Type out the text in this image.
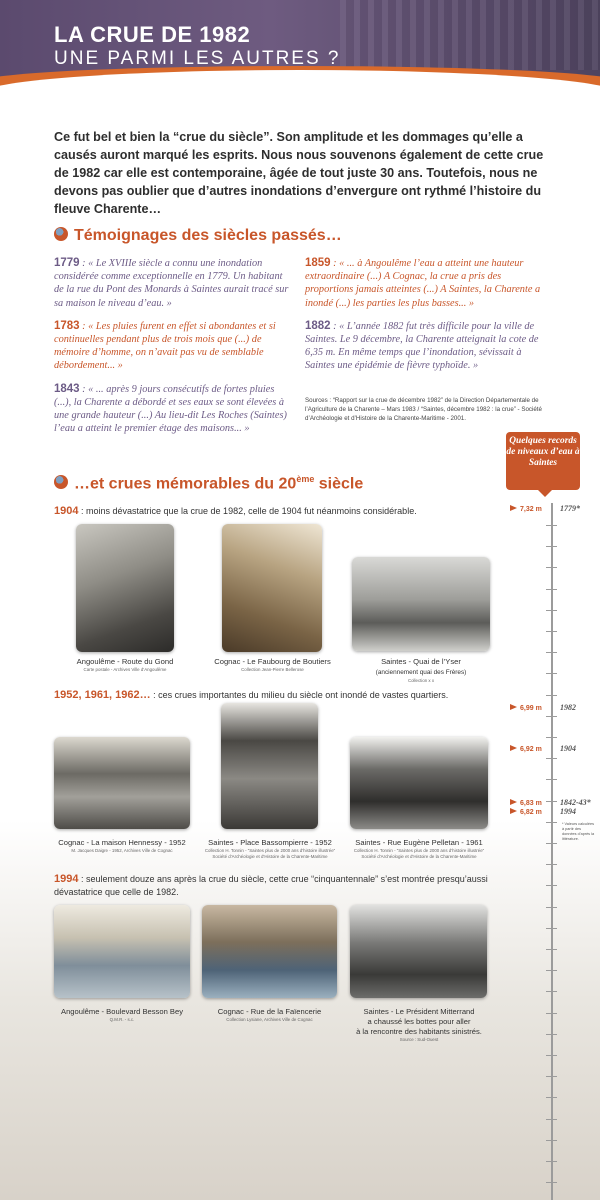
LA CRUE DE 1982
UNE PARMI LES AUTRES ?
Ce fut bel et bien la “crue du siècle”. Son amplitude et les dommages qu’elle a causés auront marqué les esprits. Nous nous souvenons également de cette crue de 1982 car elle est contemporaine, âgée de tout juste 30 ans. Toutefois, nous ne devons pas oublier que d’autres inondations d’envergure ont rythmé l’histoire du fleuve Charente…
Témoignages des siècles passés…

1779 : « Le XVIIIe siècle a connu une inondation considérée comme exceptionnelle en 1779. Un habitant de la rue du Pont des Monards à Saintes aurait tracé sur sa maison le niveau d’eau. »

1783 : « Les pluies furent en effet si abondantes et si continuelles pendant plus de trois mois que (...) de mémoire d’homme, on n’avait pas vu de semblable débordement... »

1843 : « ... après 9 jours consécutifs de fortes pluies (...), la Charente a débordé et ses eaux se sont élevées à une grande hauteur (...) Au lieu-dit Les Roches (Saintes) l’eau a atteint le premier étage des maisons... »

1859 : « ... à Angoulême l’eau a atteint une hauteur extraordinaire (...) A Cognac, la crue a pris des proportions jamais atteintes (...) A Saintes, la Charente a inondé (...) les parties les plus basses... »

1882 : « L’année 1882 fut très difficile pour la ville de Saintes. Le 9 décembre, la Charente atteignait la cote de 6,35 m. En même temps que l’inondation, sévissait à Saintes une épidémie de fièvre typhoïde. »

Sources : “Rapport sur la crue de décembre 1982” de la Direction Départementale de l’Agriculture de la Charente – Mars 1983 / “Saintes, décembre 1982 : la crue” - Société d’Archéologie et d’Histoire de la Charente-Maritime - 2001.
…et crues mémorables du 20ème siècle
1904 : moins dévastatrice que la crue de 1982, celle de 1904 fut néanmoins considérable.
Angoulême - Route du Gond
Carte postale - Archives Ville d’Angoulême
Cognac - Le Faubourg de Boutiers
Collection Jean-Pierre Bellerose
Saintes - Quai de l’Yser
(anciennement quai des Frères)
Collection x x
1952, 1961, 1962… : ces crues importantes du milieu du siècle ont inondé de vastes quartiers.
Cognac - La maison Hennessy - 1952
M. Jacques Daigre - 1952, Archives Ville de Cognac
Saintes - Place Bassompierre - 1952
Collection H. Tonnin - “Saintes plus de 2000 ans d’histoire illustrée” Société d’Archéologie et d’Histoire de la Charente-Maritime
Saintes - Rue Eugène Pelletan - 1961
Collection H. Tonnin - “Saintes plus de 2000 ans d’histoire illustrée” Société d’Archéologie et d’Histoire de la Charente-Maritime
1994 : seulement douze ans après la crue du siècle, cette crue “cinquantennale” s’est montrée presqu’aussi dévastatrice que celle de 1982.
Angoulême - Boulevard Besson Bey
Q.M.R. - s.c.
Cognac - Rue de la Faïencerie
Collection Lysiane, Archives Ville de Cognac
Saintes - Le Président Mitterrand
a chaussé les bottes pour aller
à la rencontre des habitants sinistrés.
Source : Sud-Ouest
Quelques records de niveaux d’eau à Saintes
7,32 m 1779*
6,99 m 1982
6,92 m 1904
6,83 m 1842-43*
6,82 m 1994
* Valeurs calculées à partir des données d’après la littérature.
